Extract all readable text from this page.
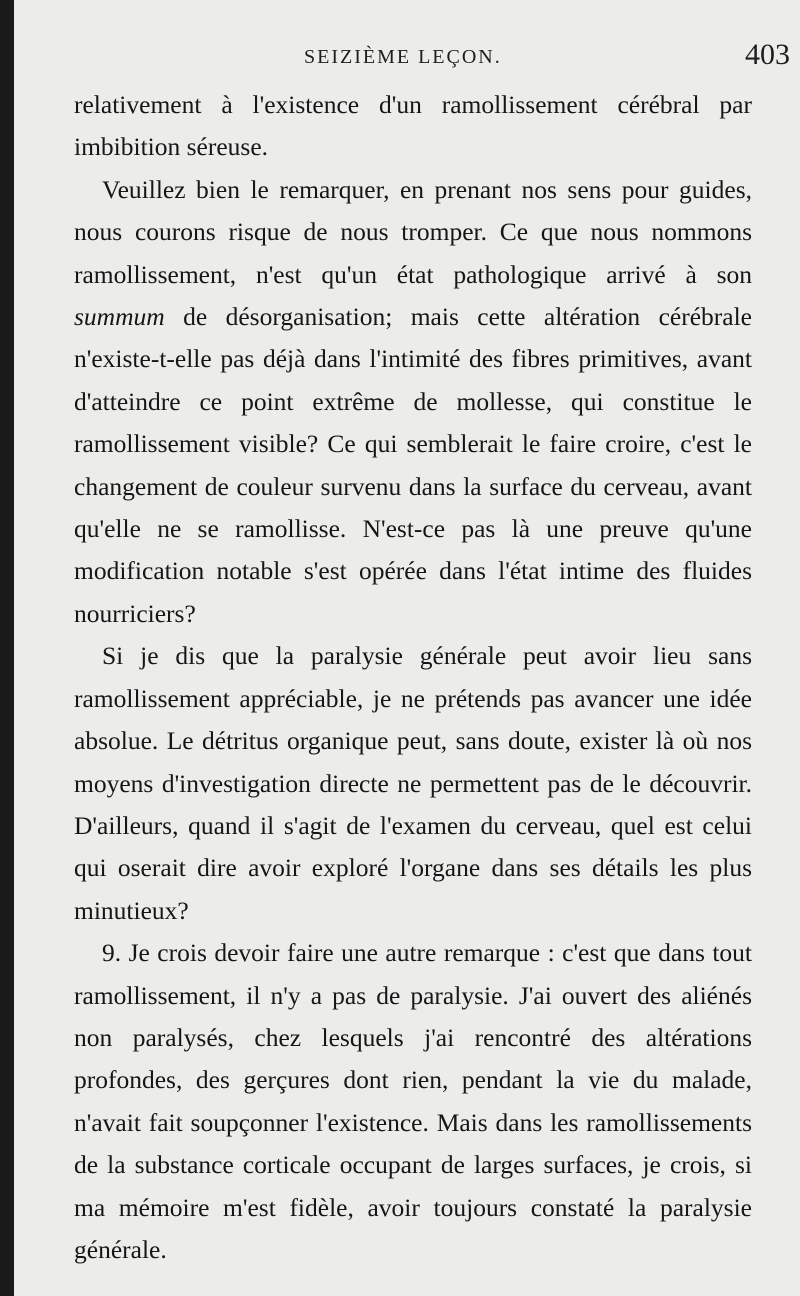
SEIZIÈME LEÇON.	403

relativement à l'existence d'un ramollissement cérébral par imbibition séreuse.

Veuillez bien le remarquer, en prenant nos sens pour guides, nous courons risque de nous tromper. Ce que nous nommons ramollissement, n'est qu'un état pathologique arrivé à son summum de désorganisation; mais cette altération cérébrale n'existe-t-elle pas déjà dans l'intimité des fibres primitives, avant d'atteindre ce point extrême de mollesse, qui constitue le ramollissement visible? Ce qui semblerait le faire croire, c'est le changement de couleur survenu dans la surface du cerveau, avant qu'elle ne se ramollisse. N'est-ce pas là une preuve qu'une modification notable s'est opérée dans l'état intime des fluides nourriciers?

Si je dis que la paralysie générale peut avoir lieu sans ramollissement appréciable, je ne prétends pas avancer une idée absolue. Le détritus organique peut, sans doute, exister là où nos moyens d'investigation directe ne permettent pas de le découvrir. D'ailleurs, quand il s'agit de l'examen du cerveau, quel est celui qui oserait dire avoir exploré l'organe dans ses détails les plus minutieux?

9. Je crois devoir faire une autre remarque : c'est que dans tout ramollissement, il n'y a pas de paralysie. J'ai ouvert des aliénés non paralysés, chez lesquels j'ai rencontré des altérations profondes, des gerçures dont rien, pendant la vie du malade, n'avait fait soupçonner l'existence. Mais dans les ramollissements de la substance corticale occupant de larges surfaces, je crois, si ma mémoire m'est fidèle, avoir toujours constaté la paralysie générale.
